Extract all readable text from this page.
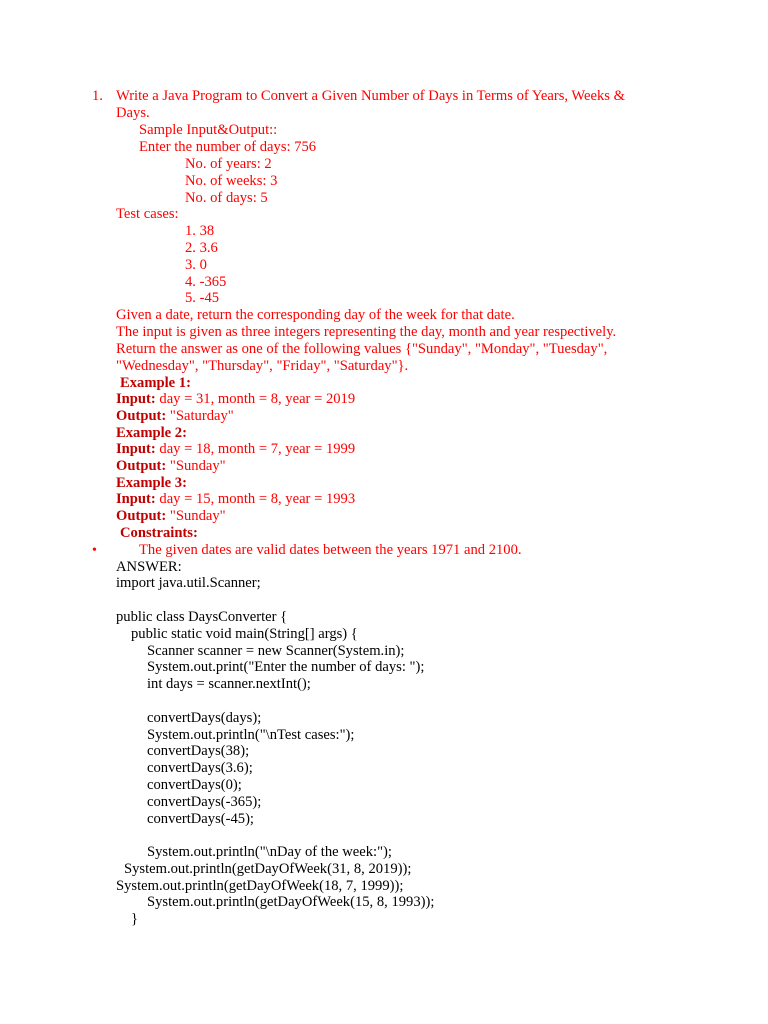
1. Write a Java Program to Convert a Given Number of Days in Terms of Years, Weeks &
Days.
Sample Input&Output::
Enter the number of days: 756
No. of years: 2
No. of weeks: 3
No. of days: 5
Test cases:
1. 38
2. 3.6
3. 0
4. -365
5. -45
Given a date, return the corresponding day of the week for that date.
The input is given as three integers representing the day, month and year respectively.
Return the answer as one of the following values {"Sunday", "Monday", "Tuesday",
"Wednesday", "Thursday", "Friday", "Saturday"}.
Example 1:
Input: day = 31, month = 8, year = 2019
Output: "Saturday"
Example 2:
Input: day = 18, month = 7, year = 1999
Output: "Sunday"
Example 3:
Input: day = 15, month = 8, year = 1993
Output: "Sunday"
Constraints:
•	The given dates are valid dates between the years 1971 and 2100.
ANSWER:
import java.util.Scanner;
public class DaysConverter {
public static void main(String[] args) {
Scanner scanner = new Scanner(System.in);
System.out.print("Enter the number of days: ");
int days = scanner.nextInt();
convertDays(days);
System.out.println("\nTest cases:");
convertDays(38);
convertDays(3.6);
convertDays(0);
convertDays(-365);
convertDays(-45);
System.out.println("\nDay of the week:");
System.out.println(getDayOfWeek(31, 8, 2019));
System.out.println(getDayOfWeek(18, 7, 1999));
System.out.println(getDayOfWeek(15, 8, 1993));
}
